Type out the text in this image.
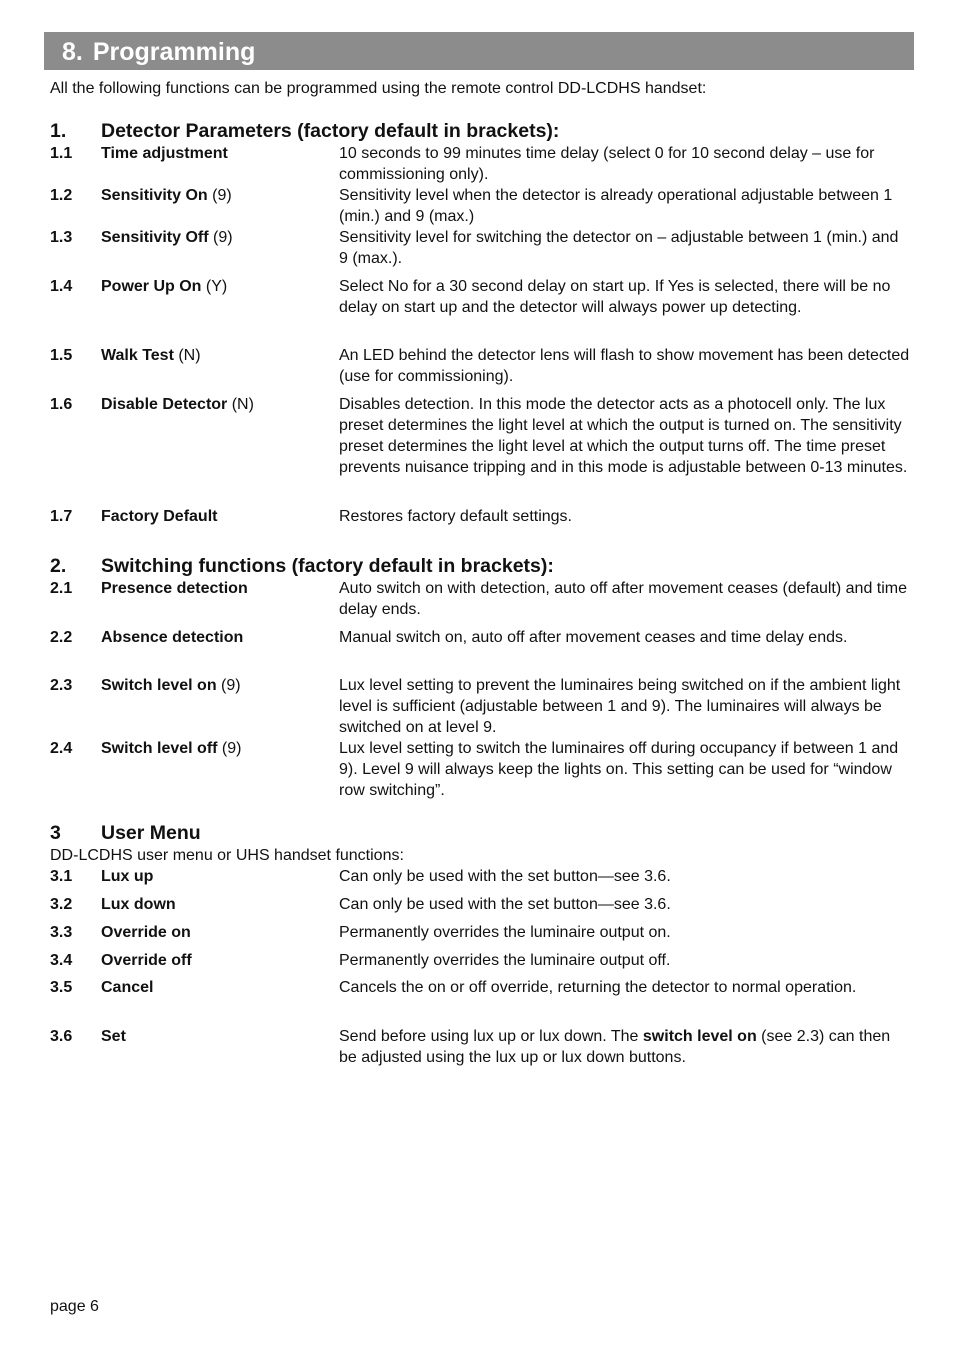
8. Programming
All the following functions can be programmed using the remote control DD-LCDHS handset:
1. Detector Parameters (factory default in brackets):
1.1 Time adjustment	10 seconds to 99 minutes time delay (select 0 for 10 second delay – use for commissioning only).
1.2 Sensitivity On (9)	Sensitivity level when the detector is already operational adjustable between 1 (min.) and 9 (max.)
1.3 Sensitivity Off (9)	Sensitivity level for switching the detector on – adjustable between 1 (min.) and 9 (max.).
1.4 Power Up On (Y)	Select No for a 30 second delay on start up. If Yes is selected, there will be no delay on start up and the detector will always power up detecting.
1.5 Walk Test (N)	An LED behind the detector lens will flash to show movement has been detected (use for commissioning).
1.6 Disable Detector (N)	Disables detection. In this mode the detector acts as a photocell only. The lux preset determines the light level at which the output is turned on. The sensitivity preset determines the light level at which the output turns off. The time preset prevents nuisance tripping and in this mode is adjustable between 0-13 minutes.
1.7 Factory Default	Restores factory default settings.
2. Switching functions (factory default in brackets):
2.1 Presence detection	Auto switch on with detection, auto off after movement ceases (default) and time delay ends.
2.2 Absence detection	Manual switch on, auto off after movement ceases and time delay ends.
2.3 Switch level on (9)	Lux level setting to prevent the luminaires being switched on if the ambient light level is sufficient (adjustable between 1 and 9). The luminaires will always be switched on at level 9.
2.4 Switch level off (9)	Lux level setting to switch the luminaires off during occupancy if between 1 and 9). Level 9 will always keep the lights on. This setting can be used for “window row switching”.
3 User Menu
DD-LCDHS user menu or UHS handset functions:
3.1 Lux up	Can only be used with the set button—see 3.6.
3.2 Lux down	Can only be used with the set button—see 3.6.
3.3 Override on	Permanently overrides the luminaire output on.
3.4 Override off	Permanently overrides the luminaire output off.
3.5 Cancel	Cancels the on or off override, returning the detector to normal operation.
3.6 Set	Send before using lux up or lux down. The switch level on (see 2.3) can then be adjusted using the lux up or lux down buttons.
page 6
